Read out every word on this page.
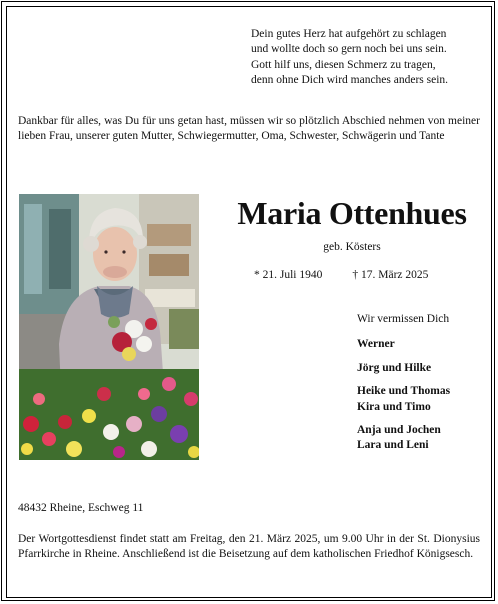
Dein gutes Herz hat aufgehört zu schlagen
und wollte doch so gern noch bei uns sein.
Gott hilf uns, diesen Schmerz zu tragen,
denn ohne Dich wird manches anders sein.
Dankbar für alles, was Du für uns getan hast, müssen wir so plötzlich Abschied nehmen von meiner lieben Frau, unserer guten Mutter, Schwiegermutter, Oma, Schwester, Schwägerin und Tante
Maria Ottenhues
geb. Kösters
* 21. Juli 1940	† 17. März 2025
Wir vermissen Dich
Werner
Jörg und Hilke
Heike und Thomas
Kira und Timo
Anja und Jochen
Lara und Leni
48432 Rheine, Eschweg 11
Der Wortgottesdienst findet statt am Freitag, den 21. März 2025, um 9.00 Uhr in der St. Dionysius Pfarrkirche in Rheine. Anschließend ist die Beisetzung auf dem katholischen Friedhof Königsesch.
